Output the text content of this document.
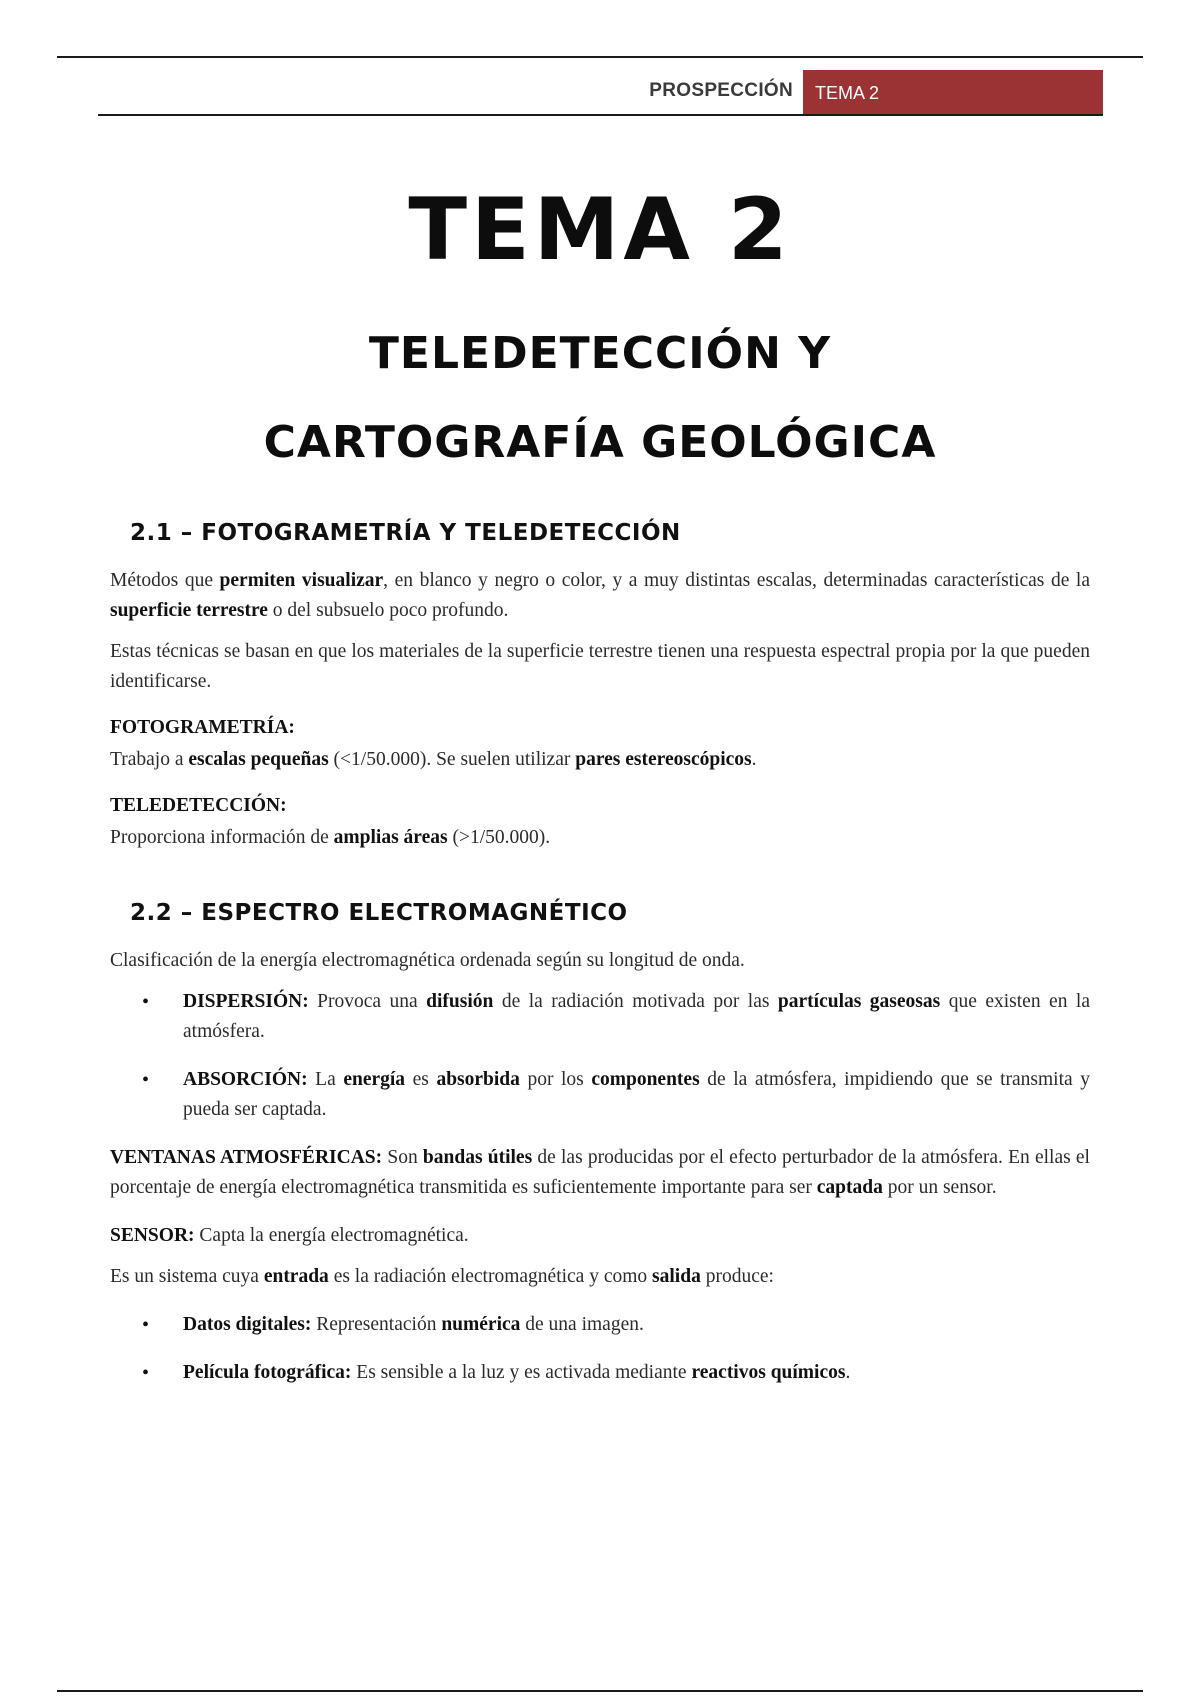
PROSPECCIÓN	TEMA 2
TEMA 2
TELEDETECCIÓN Y
CARTOGRAFÍA GEOLÓGICA
2.1 – FOTOGRAMETRÍA Y TELEDETECCIÓN

Métodos que permiten visualizar, en blanco y negro o color, y a muy distintas escalas, determinadas características de la superficie terrestre o del subsuelo poco profundo.

Estas técnicas se basan en que los materiales de la superficie terrestre tienen una respuesta espectral propia por la que pueden identificarse.

FOTOGRAMETRÍA:

Trabajo a escalas pequeñas (<1/50.000). Se suelen utilizar pares estereoscópicos.

TELEDETECCIÓN:

Proporciona información de amplias áreas (>1/50.000).

2.2 – ESPECTRO ELECTROMAGNÉTICO

Clasificación de la energía electromagnética ordenada según su longitud de onda.

• DISPERSIÓN: Provoca una difusión de la radiación motivada por las partículas gaseosas que existen en la atmósfera.
• ABSORCIÓN: La energía es absorbida por los componentes de la atmósfera, impidiendo que se transmita y pueda ser captada.

VENTANAS ATMOSFÉRICAS: Son bandas útiles de las producidas por el efecto perturbador de la atmósfera. En ellas el porcentaje de energía electromagnética transmitida es suficientemente importante para ser captada por un sensor.

SENSOR: Capta la energía electromagnética.

Es un sistema cuya entrada es la radiación electromagnética y como salida produce:

• Datos digitales: Representación numérica de una imagen.
• Película fotográfica: Es sensible a la luz y es activada mediante reactivos químicos.
